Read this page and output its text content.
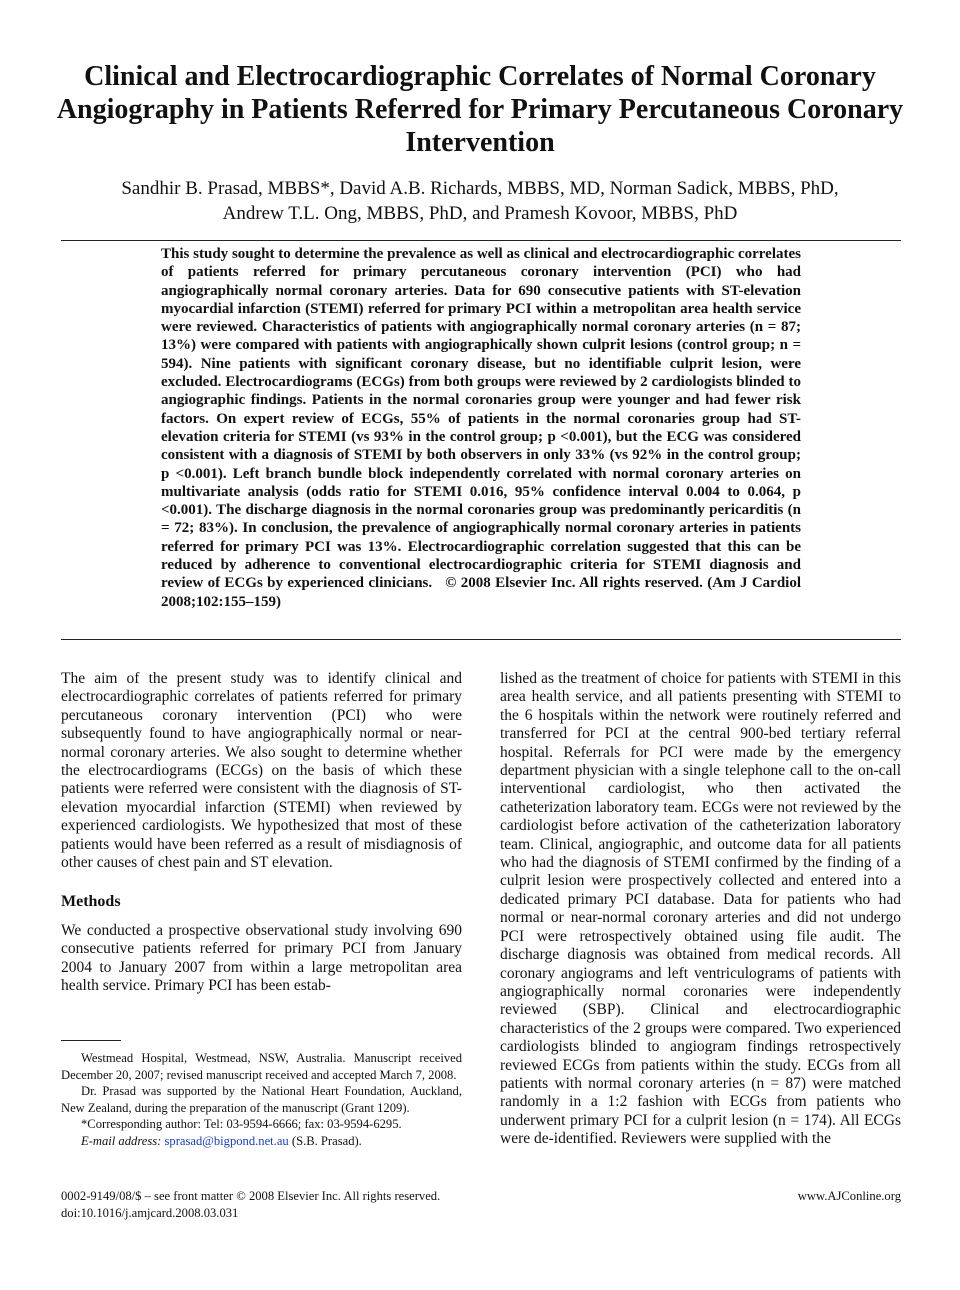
Clinical and Electrocardiographic Correlates of Normal Coronary Angiography in Patients Referred for Primary Percutaneous Coronary Intervention
Sandhir B. Prasad, MBBS*, David A.B. Richards, MBBS, MD, Norman Sadick, MBBS, PhD,
Andrew T.L. Ong, MBBS, PhD, and Pramesh Kovoor, MBBS, PhD

This study sought to determine the prevalence as well as clinical and electrocardiographic correlates of patients referred for primary percutaneous coronary intervention (PCI) who had angiographically normal coronary arteries. Data for 690 consecutive patients with ST-elevation myocardial infarction (STEMI) referred for primary PCI within a metropolitan area health service were reviewed. Characteristics of patients with angiographically normal coronary arteries (n = 87; 13%) were compared with patients with angiographically shown culprit lesions (control group; n = 594). Nine patients with significant coronary disease, but no identifiable culprit lesion, were excluded. Electrocardiograms (ECGs) from both groups were reviewed by 2 cardiologists blinded to angiographic findings. Patients in the normal coronaries group were younger and had fewer risk factors. On expert review of ECGs, 55% of patients in the normal coronaries group had ST-elevation criteria for STEMI (vs 93% in the control group; p <0.001), but the ECG was considered consistent with a diagnosis of STEMI by both observers in only 33% (vs 92% in the control group; p <0.001). Left branch bundle block independently correlated with normal coronary arteries on multivariate analysis (odds ratio for STEMI 0.016, 95% confidence interval 0.004 to 0.064, p <0.001). The discharge diagnosis in the normal coronaries group was predominantly pericarditis (n = 72; 83%). In conclusion, the prevalence of angiographically normal coronary arteries in patients referred for primary PCI was 13%. Electrocardiographic correlation suggested that this can be reduced by adherence to conventional electrocardiographic criteria for STEMI diagnosis and review of ECGs by experienced clinicians.   © 2008 Elsevier Inc. All rights reserved. (Am J Cardiol 2008;102:155–159)

The aim of the present study was to identify clinical and electrocardiographic correlates of patients referred for primary percutaneous coronary intervention (PCI) who were subsequently found to have angiographically normal or near-normal coronary arteries. We also sought to determine whether the electrocardiograms (ECGs) on the basis of which these patients were referred were consistent with the diagnosis of ST-elevation myocardial infarction (STEMI) when reviewed by experienced cardiologists. We hypothesized that most of these patients would have been referred as a result of misdiagnosis of other causes of chest pain and ST elevation.

Methods

We conducted a prospective observational study involving 690 consecutive patients referred for primary PCI from January 2004 to January 2007 from within a large metropolitan area health service. Primary PCI has been estab-

Westmead Hospital, Westmead, NSW, Australia. Manuscript received December 20, 2007; revised manuscript received and accepted March 7, 2008.

Dr. Prasad was supported by the National Heart Foundation, Auckland, New Zealand, during the preparation of the manuscript (Grant 1209).

*Corresponding author: Tel: 03-9594-6666; fax: 03-9594-6295.

E-mail address: sprasad@bigpond.net.au (S.B. Prasad).

lished as the treatment of choice for patients with STEMI in this area health service, and all patients presenting with STEMI to the 6 hospitals within the network were routinely referred and transferred for PCI at the central 900-bed tertiary referral hospital. Referrals for PCI were made by the emergency department physician with a single telephone call to the on-call interventional cardiologist, who then activated the catheterization laboratory team. ECGs were not reviewed by the cardiologist before activation of the catheterization laboratory team. Clinical, angiographic, and outcome data for all patients who had the diagnosis of STEMI confirmed by the finding of a culprit lesion were prospectively collected and entered into a dedicated primary PCI database. Data for patients who had normal or near-normal coronary arteries and did not undergo PCI were retrospectively obtained using file audit. The discharge diagnosis was obtained from medical records. All coronary angiograms and left ventriculograms of patients with angiographically normal coronaries were independently reviewed (SBP). Clinical and electrocardiographic characteristics of the 2 groups were compared. Two experienced cardiologists blinded to angiogram findings retrospectively reviewed ECGs from patients within the study. ECGs from all patients with normal coronary arteries (n = 87) were matched randomly in a 1:2 fashion with ECGs from patients who underwent primary PCI for a culprit lesion (n = 174). All ECGs were de-identified. Reviewers were supplied with the

0002-9149/08/$ – see front matter © 2008 Elsevier Inc. All rights reserved.
doi:10.1016/j.amjcard.2008.03.031
www.AJConline.org
